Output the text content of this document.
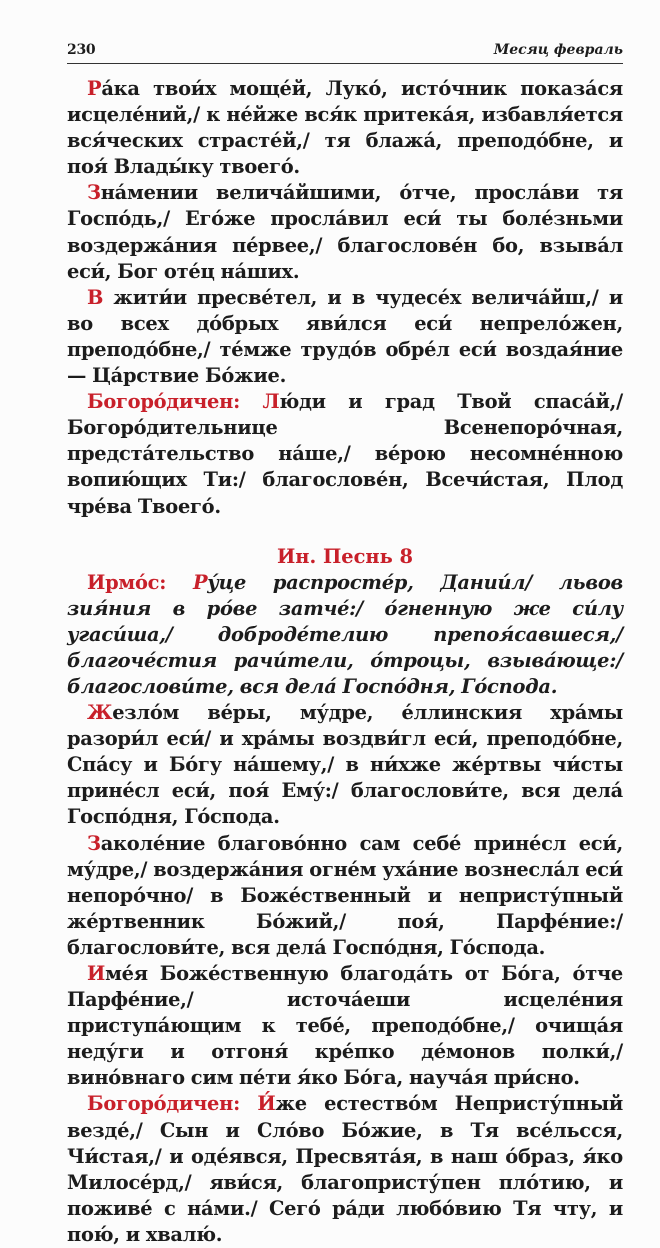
230	Месяц февраль

Ра́ка твои́х моще́й, Луко́, исто́чник показа́ся исцеле́ний,/ к не́йже вся́к притека́я, избавля́ется вся́ческих страсте́й,/ тя блажа́, преподо́бне, и поя́ Влады́ку твоего́.

Зна́мении велича́йшими, о́тче, просла́ви тя Госпо́дь,/ Его́же просла́вил еси́ ты боле́зньми воздержа́ния пе́рвее,/ благослове́н бо, взыва́л еси́, Бог оте́ц на́ших.

В жити́и пресве́тел, и в чудесе́х велича́йш,/ и во всех до́брых яви́лся еси́ непрело́жен, преподо́бне,/ те́мже трудо́в обре́л еси́ воздая́ние — Ца́рствие Бо́жие.

Богоро́дичен: Лю́ди и град Твой спаса́й,/ Богоро́дительнице Всенепоро́чная, предста́тельство на́ше,/ ве́рою несомне́нною вопию́щих Ти:/ благослове́н, Всечи́стая, Плод чре́ва Твоего́.

Ин. Песнь 8

Ирмо́с: Ру́це распросте́р, Дании́л/ львов зия́ния в ро́ве затче́:/ о́гненную же си́лу угаси́ша,/ доброде́телию препоя́савшеся,/ благоче́стия рачи́тели, о́троцы, взыва́юще:/ благослови́те, вся дела́ Госпо́дня, Го́спода.

Жезло́м ве́ры, му́дре, е́ллинския хра́мы разори́л еси́/ и хра́мы воздви́гл еси́, преподо́бне, Спа́су и Бо́гу на́шему,/ в ни́хже же́ртвы чи́сты прине́сл еси́, поя́ Ему́:/ благослови́те, вся дела́ Госпо́дня, Го́спода.

Заколе́ние благово́нно сам себе́ прине́сл еси́, му́дре,/ воздержа́ния огне́м уха́ние вознесла́л еси́ непоро́чно/ в Боже́ственный и непристу́пный же́ртвенник Бо́жий,/ поя́, Парфе́ние:/ благослови́те, вся дела́ Госпо́дня, Го́спода.

Име́я Боже́ственную благода́ть от Бо́га, о́тче Парфе́ние,/ источа́еши исцеле́ния приступа́ющим к тебе́, преподо́бне,/ очища́я неду́ги и отгоня́ кре́пко де́монов полки́,/ вино́внаго сим пе́ти я́ко Бо́га, науча́я при́сно.

Богоро́дичен: И́же естество́м Непристу́пный везде́,/ Сын и Сло́во Бо́жие, в Тя все́льсся, Чи́стая,/ и оде́явся, Пресвята́я, в наш о́браз, я́ко Милосе́рд,/ яви́ся, благопристу́пен пло́тию, и поживе́ с на́ми./ Сего́ ра́ди любо́вию Тя чту, и пою́, и хвалю́.
